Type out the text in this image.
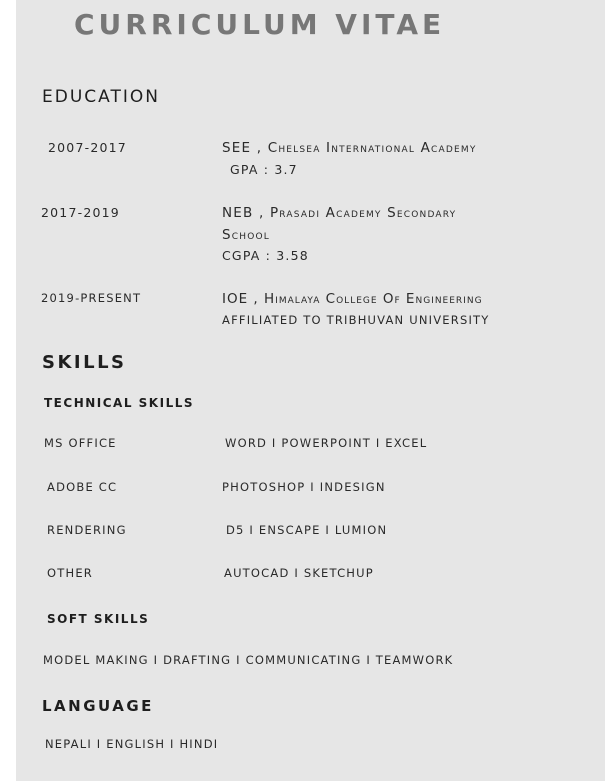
CURRICULUM VITAE
EDUCATION
2007-2017	SEE , Chelsea International Academy
GPA : 3.7
2017-2019	NEB , Prasadi Academy Secondary
School
CGPA : 3.58
2019-PRESENT	IOE , Himalaya College Of Engineering
AFFILIATED TO TRIBHUVAN UNIVERSITY
SKILLS
TECHNICAL SKILLS
MS OFFICE	WORD I POWERPOINT I EXCEL
ADOBE CC	PHOTOSHOP I INDESIGN
RENDERING	D5 I ENSCAPE I LUMION
OTHER	AUTOCAD I SKETCHUP
SOFT SKILLS
MODEL MAKING I DRAFTING I COMMUNICATING I TEAMWORK
LANGUAGE
NEPALI I ENGLISH I HINDI
